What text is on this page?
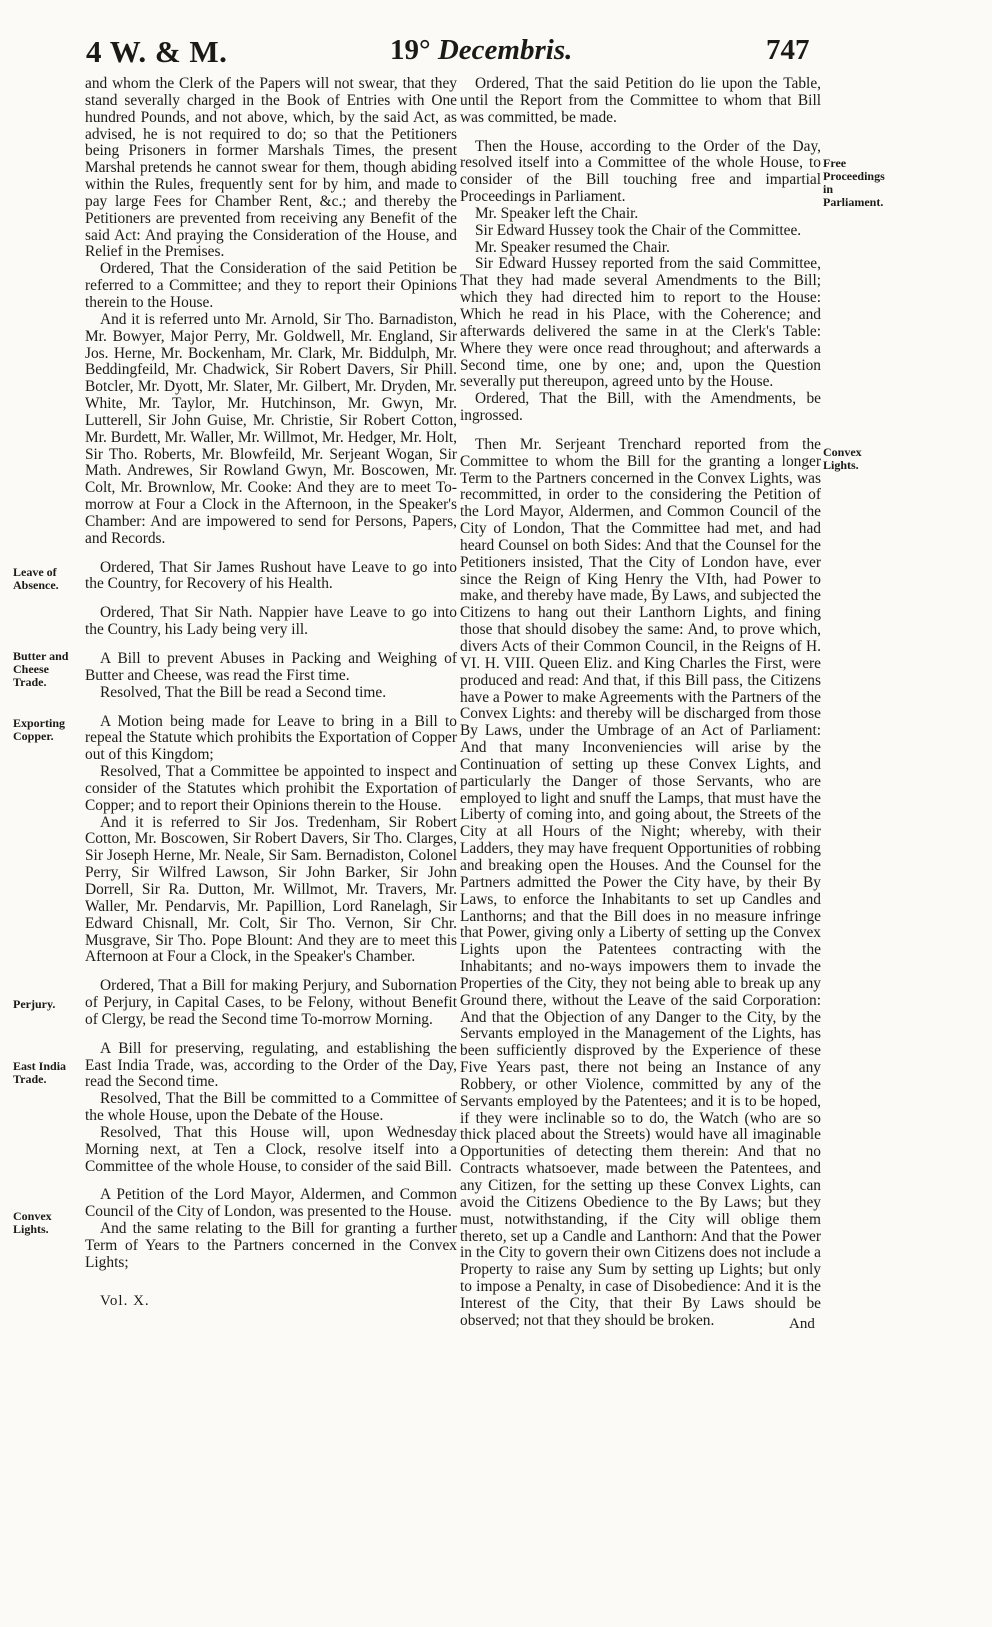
4 W. & M.	19° Decembris.	747

and whom the Clerk of the Papers will not swear, that they stand severally charged in the Book of Entries with One hundred Pounds, and not above, which, by the said Act, as advised, he is not required to do; so that the Petitioners being Prisoners in former Marshals Times, the present Marshal pretends he cannot swear for them, though abiding within the Rules, frequently sent for by him, and made to pay large Fees for Chamber Rent, &c.; and thereby the Petitioners are prevented from receiving any Benefit of the said Act: And praying the Consideration of the House, and Relief in the Premises.

Ordered, That the Consideration of the said Petition be referred to a Committee; and they to report their Opinions therein to the House.

And it is referred unto Mr. Arnold, Sir Tho. Barnadiston, Mr. Bowyer, Major Perry, Mr. Goldwell, Mr. England, Sir Jos. Herne, Mr. Bockenham, Mr. Clark, Mr. Biddulph, Mr. Beddingfeild, Mr. Chadwick, Sir Robert Davers, Sir Phill. Botcler, Mr. Dyott, Mr. Slater, Mr. Gilbert, Mr. Dryden, Mr. White, Mr. Taylor, Mr. Hutchinson, Mr. Gwyn, Mr. Lutterell, Sir John Guise, Mr. Christie, Sir Robert Cotton, Mr. Burdett, Mr. Waller, Mr. Willmot, Mr. Hedger, Mr. Holt, Sir Tho. Roberts, Mr. Blowfeild, Mr. Serjeant Wogan, Sir Math. Andrewes, Sir Rowland Gwyn, Mr. Boscowen, Mr. Colt, Mr. Brownlow, Mr. Cooke: And they are to meet To-morrow at Four a Clock in the Afternoon, in the Speaker's Chamber: And are impowered to send for Persons, Papers, and Records.

Ordered, That Sir James Rushout have Leave to go into the Country, for Recovery of his Health.

Ordered, That Sir Nath. Nappier have Leave to go into the Country, his Lady being very ill.

A Bill to prevent Abuses in Packing and Weighing of Butter and Cheese, was read the First time.

Resolved, That the Bill be read a Second time.

A Motion being made for Leave to bring in a Bill to repeal the Statute which prohibits the Exportation of Copper out of this Kingdom;

Resolved, That a Committee be appointed to inspect and consider of the Statutes which prohibit the Exportation of Copper; and to report their Opinions therein to the House.

And it is referred to Sir Jos. Tredenham, Sir Robert Cotton, Mr. Boscowen, Sir Robert Davers, Sir Tho. Clarges, Sir Joseph Herne, Mr. Neale, Sir Sam. Bernadiston, Colonel Perry, Sir Wilfred Lawson, Sir John Barker, Sir John Dorrell, Sir Ra. Dutton, Mr. Willmot, Mr. Travers, Mr. Waller, Mr. Pendarvis, Mr. Papillion, Lord Ranelagh, Sir Edward Chisnall, Mr. Colt, Sir Tho. Vernon, Sir Chr. Musgrave, Sir Tho. Pope Blount: And they are to meet this Afternoon at Four a Clock, in the Speaker's Chamber.

Ordered, That a Bill for making Perjury, and Subornation of Perjury, in Capital Cases, to be Felony, without Benefit of Clergy, be read the Second time To-morrow Morning.

A Bill for preserving, regulating, and establishing the East India Trade, was, according to the Order of the Day, read the Second time.

Resolved, That the Bill be committed to a Committee of the whole House, upon the Debate of the House.

Resolved, That this House will, upon Wednesday Morning next, at Ten a Clock, resolve itself into a Committee of the whole House, to consider of the said Bill.

A Petition of the Lord Mayor, Aldermen, and Common Council of the City of London, was presented to the House.

And the same relating to the Bill for granting a further Term of Years to the Partners concerned in the Convex Lights;

Ordered, That the said Petition do lie upon the Table, until the Report from the Committee to whom that Bill was committed, be made.

Then the House, according to the Order of the Day, resolved itself into a Committee of the whole House, to consider of the Bill touching free and impartial Proceedings in Parliament.

Mr. Speaker left the Chair.

Sir Edward Hussey took the Chair of the Committee.

Mr. Speaker resumed the Chair.

Sir Edward Hussey reported from the said Committee, That they had made several Amendments to the Bill; which they had directed him to report to the House: Which he read in his Place, with the Coherence; and afterwards delivered the same in at the Clerk's Table: Where they were once read throughout; and afterwards a Second time, one by one; and, upon the Question severally put thereupon, agreed unto by the House.

Ordered, That the Bill, with the Amendments, be ingrossed.

Then Mr. Serjeant Trenchard reported from the Committee to whom the Bill for the granting a longer Term to the Partners concerned in the Convex Lights, was recommitted, in order to the considering the Petition of the Lord Mayor, Aldermen, and Common Council of the City of London, That the Committee had met, and had heard Counsel on both Sides: And that the Counsel for the Petitioners insisted, That the City of London have, ever since the Reign of King Henry the VIth, had Power to make, and thereby have made, By Laws, and subjected the Citizens to hang out their Lanthorn Lights, and fining those that should disobey the same: And, to prove which, divers Acts of their Common Council, in the Reigns of H. VI. H. VIII. Queen Eliz. and King Charles the First, were produced and read: And that, if this Bill pass, the Citizens have a Power to make Agreements with the Partners of the Convex Lights: and thereby will be discharged from those By Laws, under the Umbrage of an Act of Parliament: And that many Inconveniencies will arise by the Continuation of setting up these Convex Lights, and particularly the Danger of those Servants, who are employed to light and snuff the Lamps, that must have the Liberty of coming into, and going about, the Streets of the City at all Hours of the Night; whereby, with their Ladders, they may have frequent Opportunities of robbing and breaking open the Houses. And the Counsel for the Partners admitted the Power the City have, by their By Laws, to enforce the Inhabitants to set up Candles and Lanthorns; and that the Bill does in no measure infringe that Power, giving only a Liberty of setting up the Convex Lights upon the Patentees contracting with the Inhabitants; and no-ways impowers them to invade the Properties of the City, they not being able to break up any Ground there, without the Leave of the said Corporation: And that the Objection of any Danger to the City, by the Servants employed in the Management of the Lights, has been sufficiently disproved by the Experience of these Five Years past, there not being an Instance of any Robbery, or other Violence, committed by any of the Servants employed by the Patentees; and it is to be hoped, if they were inclinable so to do, the Watch (who are so thick placed about the Streets) would have all imaginable Opportunities of detecting them therein: And that no Contracts whatsoever, made between the Patentees, and any Citizen, for the setting up these Convex Lights, can avoid the Citizens Obedience to the By Laws; but they must, notwithstanding, if the City will oblige them thereto, set up a Candle and Lanthorn: And that the Power in the City to govern their own Citizens does not include a Property to raise any Sum by setting up Lights; but only to impose a Penalty, in case of Disobedience: And it is the Interest of the City, that their By Laws should be observed; not that they should be broken.

Leave of Absence.
Butter and Cheese Trade.
Exporting Copper.
Perjury.
East India Trade.
Convex Lights.
Free Proceedings in Parliament.
Convex Lights.
Vol. X.
And
